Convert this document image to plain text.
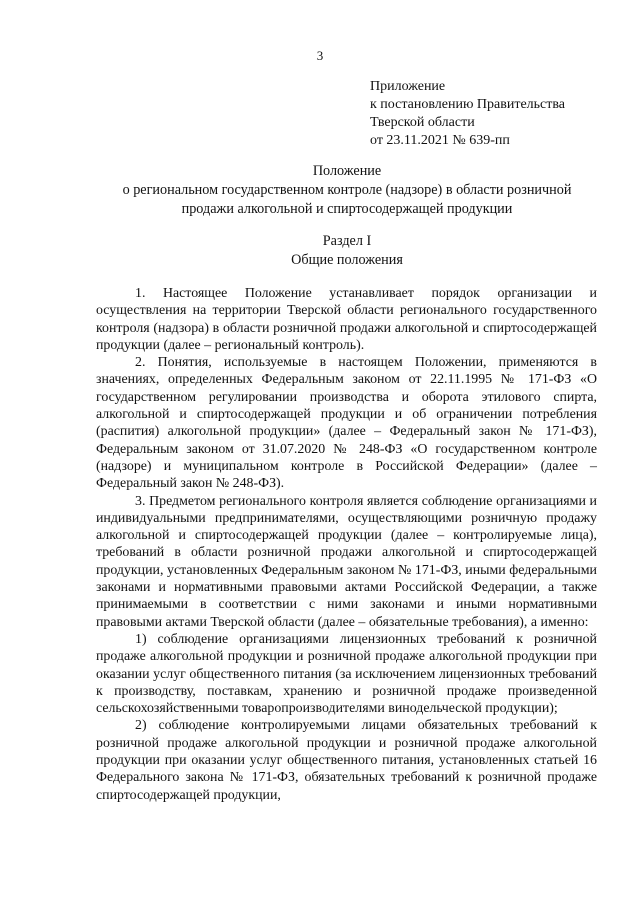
3
Приложение
к постановлению Правительства
Тверской области
от 23.11.2021 № 639-пп
Положение
о региональном государственном контроле (надзоре) в области розничной
продажи алкогольной и спиртосодержащей продукции
Раздел I
Общие положения

1. Настоящее Положение устанавливает порядок организации и осуществления на территории Тверской области регионального государственного контроля (надзора) в области розничной продажи алкогольной и спиртосодержащей продукции (далее – региональный контроль).

2. Понятия, используемые в настоящем Положении, применяются в значениях, определенных Федеральным законом от 22.11.1995 № 171-ФЗ «О государственном регулировании производства и оборота этилового спирта, алкогольной и спиртосодержащей продукции и об ограничении потребления (распития) алкогольной продукции» (далее – Федеральный закон № 171-ФЗ), Федеральным законом от 31.07.2020 № 248-ФЗ «О государственном контроле (надзоре) и муниципальном контроле в Российской Федерации» (далее – Федеральный закон № 248-ФЗ).

3. Предметом регионального контроля является соблюдение организациями и индивидуальными предпринимателями, осуществляющими розничную продажу алкогольной и спиртосодержащей продукции (далее – контролируемые лица), требований в области розничной продажи алкогольной и спиртосодержащей продукции, установленных Федеральным законом № 171-ФЗ, иными федеральными законами и нормативными правовыми актами Российской Федерации, а также принимаемыми в соответствии с ними законами и иными нормативными правовыми актами Тверской области (далее – обязательные требования), а именно:

1) соблюдение организациями лицензионных требований к розничной продаже алкогольной продукции и розничной продаже алкогольной продукции при оказании услуг общественного питания (за исключением лицензионных требований к производству, поставкам, хранению и розничной продаже произведенной сельскохозяйственными товаропроизводителями винодельческой продукции);

2) соблюдение контролируемыми лицами обязательных требований к розничной продаже алкогольной продукции и розничной продаже алкогольной продукции при оказании услуг общественного питания, установленных статьей 16 Федерального закона № 171-ФЗ, обязательных требований к розничной продаже спиртосодержащей продукции,
